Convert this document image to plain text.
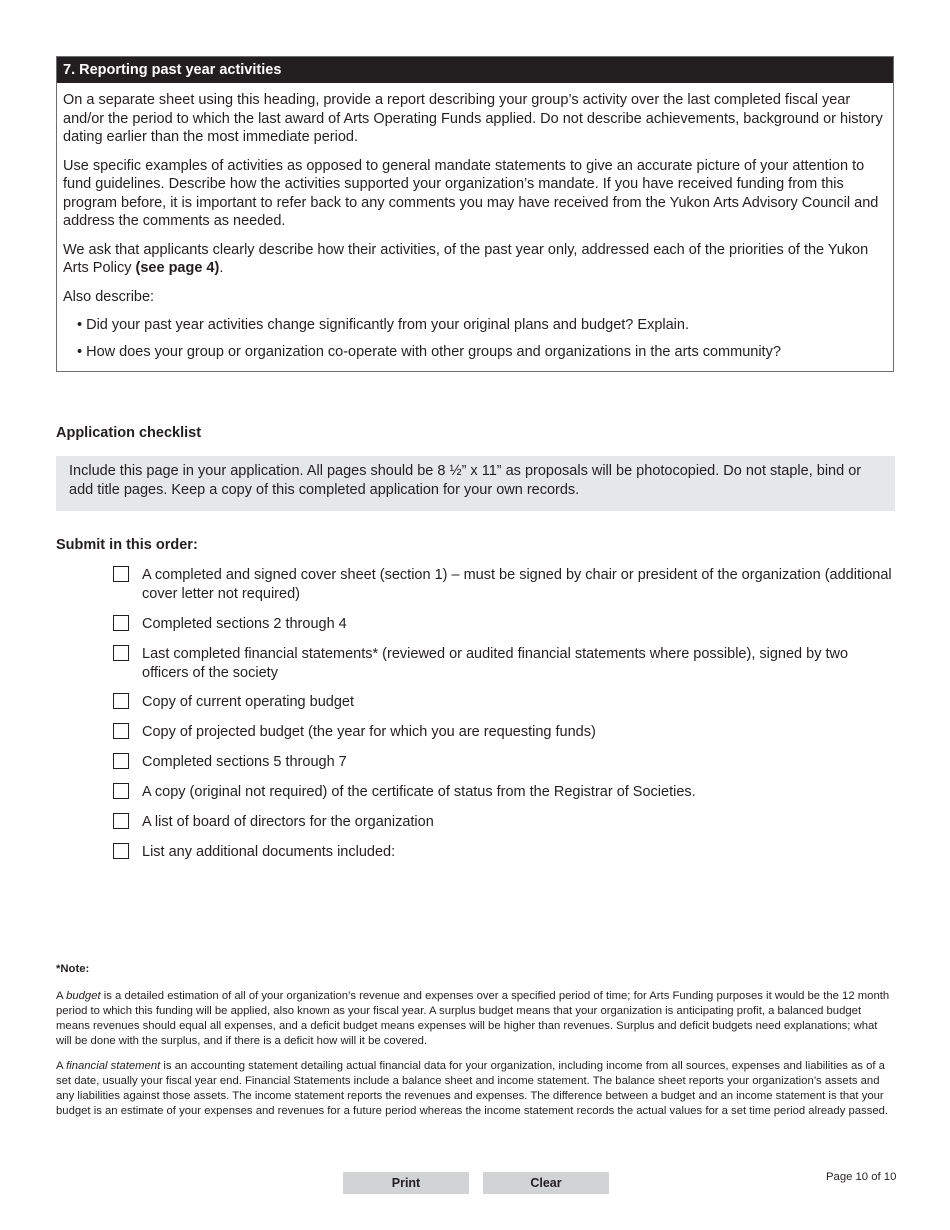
7. Reporting past year activities

On a separate sheet using this heading, provide a report describing your group’s activity over the last completed fiscal year and/or the period to which the last award of Arts Operating Funds applied. Do not describe achievements, background or history dating earlier than the most immediate period.

Use specific examples of activities as opposed to general mandate statements to give an accurate picture of your attention to fund guidelines. Describe how the activities supported your organization’s mandate. If you have received funding from this program before, it is important to refer back to any comments you may have received from the Yukon Arts Advisory Council and address the comments as needed.

We ask that applicants clearly describe how their activities, of the past year only, addressed each of the priorities of the Yukon Arts Policy (see page 4).

Also describe:

• Did your past year activities change significantly from your original plans and budget? Explain.
• How does your group or organization co-operate with other groups and organizations in the arts community?
Application checklist
Include this page in your application. All pages should be 8 ½” x 11” as proposals will be photocopied. Do not staple, bind or add title pages. Keep a copy of this completed application for your own records.
Submit in this order:
A completed and signed cover sheet (section 1) – must be signed by chair or president of the organization (additional cover letter not required)
Completed sections 2 through 4
Last completed financial statements* (reviewed or audited financial statements where possible), signed by two officers of the society
Copy of current operating budget
Copy of projected budget (the year for which you are requesting funds)
Completed sections 5 through 7
A copy (original not required) of the certificate of status from the Registrar of Societies.
A list of board of directors for the organization
List any additional documents included:

*Note:

A budget is a detailed estimation of all of your organization’s revenue and expenses over a specified period of time; for Arts Funding purposes it would be the 12 month period to which this funding will be applied, also known as your fiscal year. A surplus budget means that your organization is anticipating profit, a balanced budget means revenues should equal all expenses, and a deficit budget means expenses will be higher than revenues. Surplus and deficit budgets need explanations; what will be done with the surplus, and if there is a deficit how will it be covered.

A financial statement is an accounting statement detailing actual financial data for your organization, including income from all sources, expenses and liabilities as of a set date, usually your fiscal year end. Financial Statements include a balance sheet and income statement. The balance sheet reports your organization’s assets and any liabilities against those assets. The income statement reports the revenues and expenses. The difference between a budget and an income statement is that your budget is an estimate of your expenses and revenues for a future period whereas the income statement records the actual values for a set time period already passed.

Print	Clear	Page 10 of 10
